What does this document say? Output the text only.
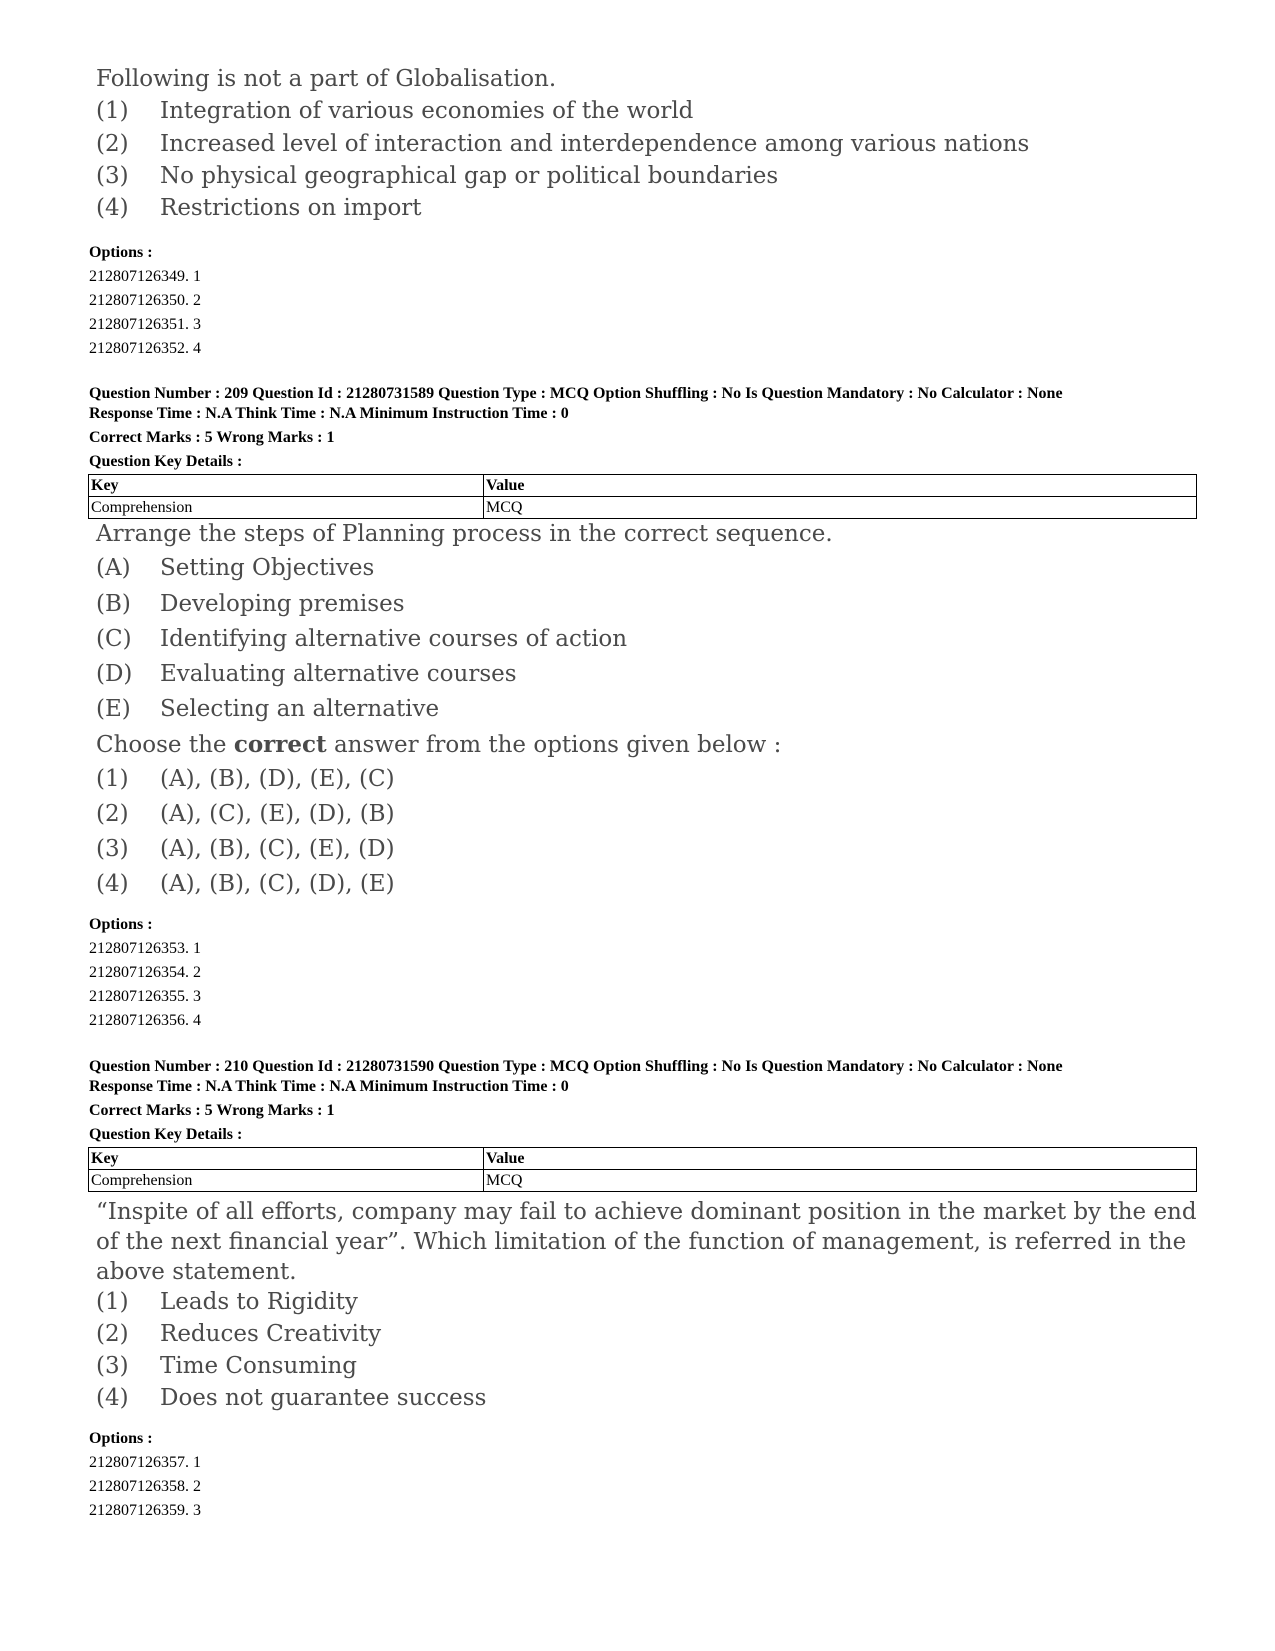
Following is not a part of Globalisation.
(1)	Integration of various economies of the world
(2)	Increased level of interaction and interdependence among various nations
(3)	No physical geographical gap or political boundaries
(4)	Restrictions on import
Options :
212807126349. 1
212807126350. 2
212807126351. 3
212807126352. 4
Question Number : 209 Question Id : 21280731589 Question Type : MCQ Option Shuffling : No Is Question Mandatory : No Calculator : None
Response Time : N.A Think Time : N.A Minimum Instruction Time : 0
Correct Marks : 5 Wrong Marks : 1
Question Key Details :
Key	Value
Comprehension	MCQ
Arrange the steps of Planning process in the correct sequence.
(A)	Setting Objectives
(B)	Developing premises
(C)	Identifying alternative courses of action
(D)	Evaluating alternative courses
(E)	Selecting an alternative
Choose the correct answer from the options given below :
(1)	(A), (B), (D), (E), (C)
(2)	(A), (C), (E), (D), (B)
(3)	(A), (B), (C), (E), (D)
(4)	(A), (B), (C), (D), (E)
Options :
212807126353. 1
212807126354. 2
212807126355. 3
212807126356. 4
Question Number : 210 Question Id : 21280731590 Question Type : MCQ Option Shuffling : No Is Question Mandatory : No Calculator : None
Response Time : N.A Think Time : N.A Minimum Instruction Time : 0
Correct Marks : 5 Wrong Marks : 1
Question Key Details :
Key	Value
Comprehension	MCQ
“Inspite of all efforts, company may fail to achieve dominant position in the market by the end of the next financial year”. Which limitation of the function of management, is referred in the above statement.
(1)	Leads to Rigidity
(2)	Reduces Creativity
(3)	Time Consuming
(4)	Does not guarantee success
Options :
212807126357. 1
212807126358. 2
212807126359. 3
